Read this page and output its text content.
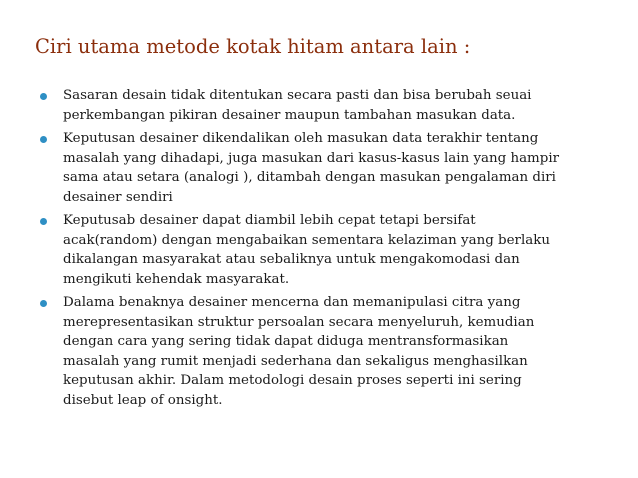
Ciri utama metode kotak hitam antara lain :
Sasaran desain tidak ditentukan secara pasti dan bisa berubah seuai
perkembangan pikiran desainer maupun tambahan masukan data.
Keputusan desainer dikendalikan oleh masukan data terakhir tentang
masalah yang dihadapi, juga masukan dari kasus-kasus lain yang hampir
sama atau setara (analogi ), ditambah dengan masukan pengalaman diri
desainer sendiri
Keputusab desainer dapat diambil lebih cepat tetapi bersifat
acak(random) dengan mengabaikan sementara kelaziman yang berlaku
dikalangan masyarakat atau sebaliknya untuk mengakomodasi dan
mengikuti kehendak masyarakat.
Dalama benaknya desainer mencerna dan memanipulasi citra yang
merepresentasikan struktur persoalan secara menyeluruh, kemudian
dengan cara yang sering tidak dapat diduga mentransformasikan
masalah yang rumit menjadi sederhana dan sekaligus menghasilkan
keputusan akhir. Dalam metodologi desain proses seperti ini sering
disebut leap of onsight.
